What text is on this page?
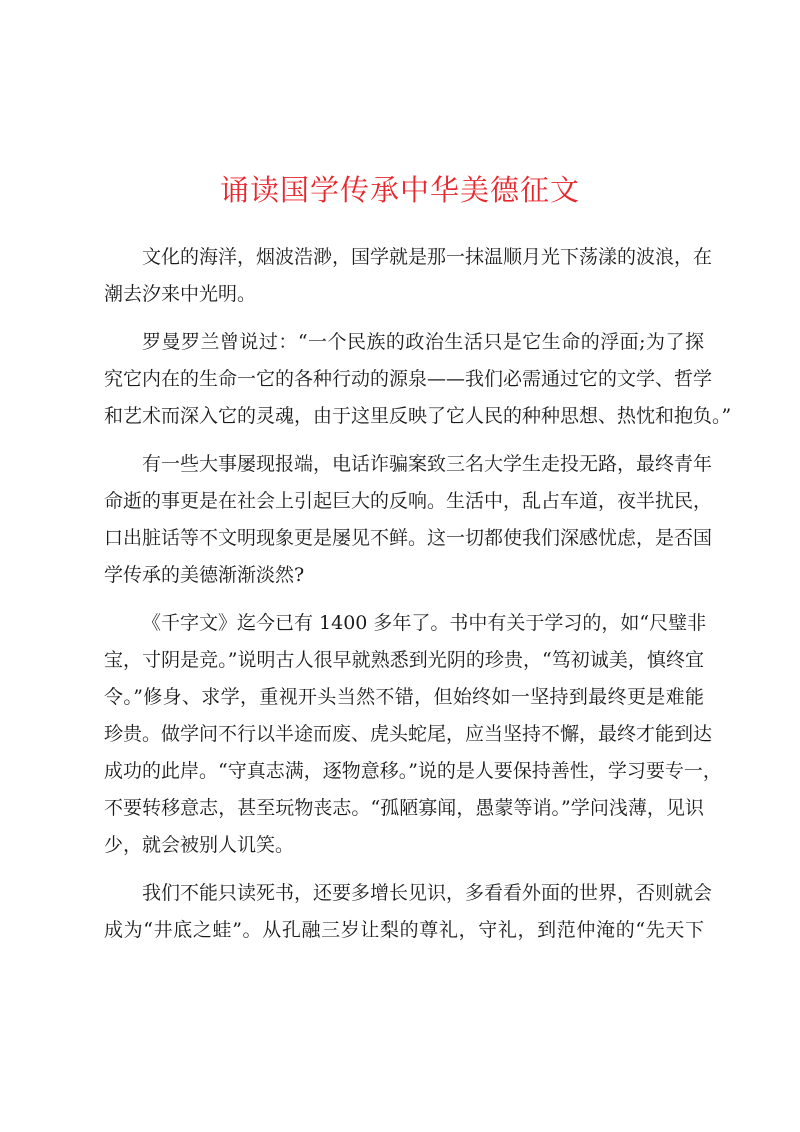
诵读国学传承中华美德征文
文化的海洋，烟波浩渺，国学就是那一抹温顺月光下荡漾的波浪，在
潮去汐来中光明。
罗曼罗兰曾说过：“一个民族的政治生活只是它生命的浮面;为了探
究它内在的生命一它的各种行动的源泉——我们必需通过它的文学、哲学
和艺术而深入它的灵魂，由于这里反映了它人民的种种思想、热忱和抱负。”
有一些大事屡现报端，电话诈骗案致三名大学生走投无路，最终青年
命逝的事更是在社会上引起巨大的反响。生活中，乱占车道，夜半扰民，
口出脏话等不文明现象更是屡见不鲜。这一切都使我们深感忧虑，是否国
学传承的美德渐渐淡然?
《千字文》迄今已有 1400 多年了。书中有关于学习的，如“尺璧非
宝，寸阴是竞。”说明古人很早就熟悉到光阴的珍贵，“笃初诚美，慎终宜
令。”修身、求学，重视开头当然不错，但始终如一坚持到最终更是难能
珍贵。做学问不行以半途而废、虎头蛇尾，应当坚持不懈，最终才能到达
成功的此岸。“守真志满，逐物意移。”说的是人要保持善性，学习要专一，
不要转移意志，甚至玩物丧志。“孤陋寡闻，愚蒙等诮。”学问浅薄，见识
少，就会被别人讥笑。
我们不能只读死书，还要多增长见识，多看看外面的世界，否则就会
成为“井底之蛙”。从孔融三岁让梨的尊礼，守礼，到范仲淹的“先天下
